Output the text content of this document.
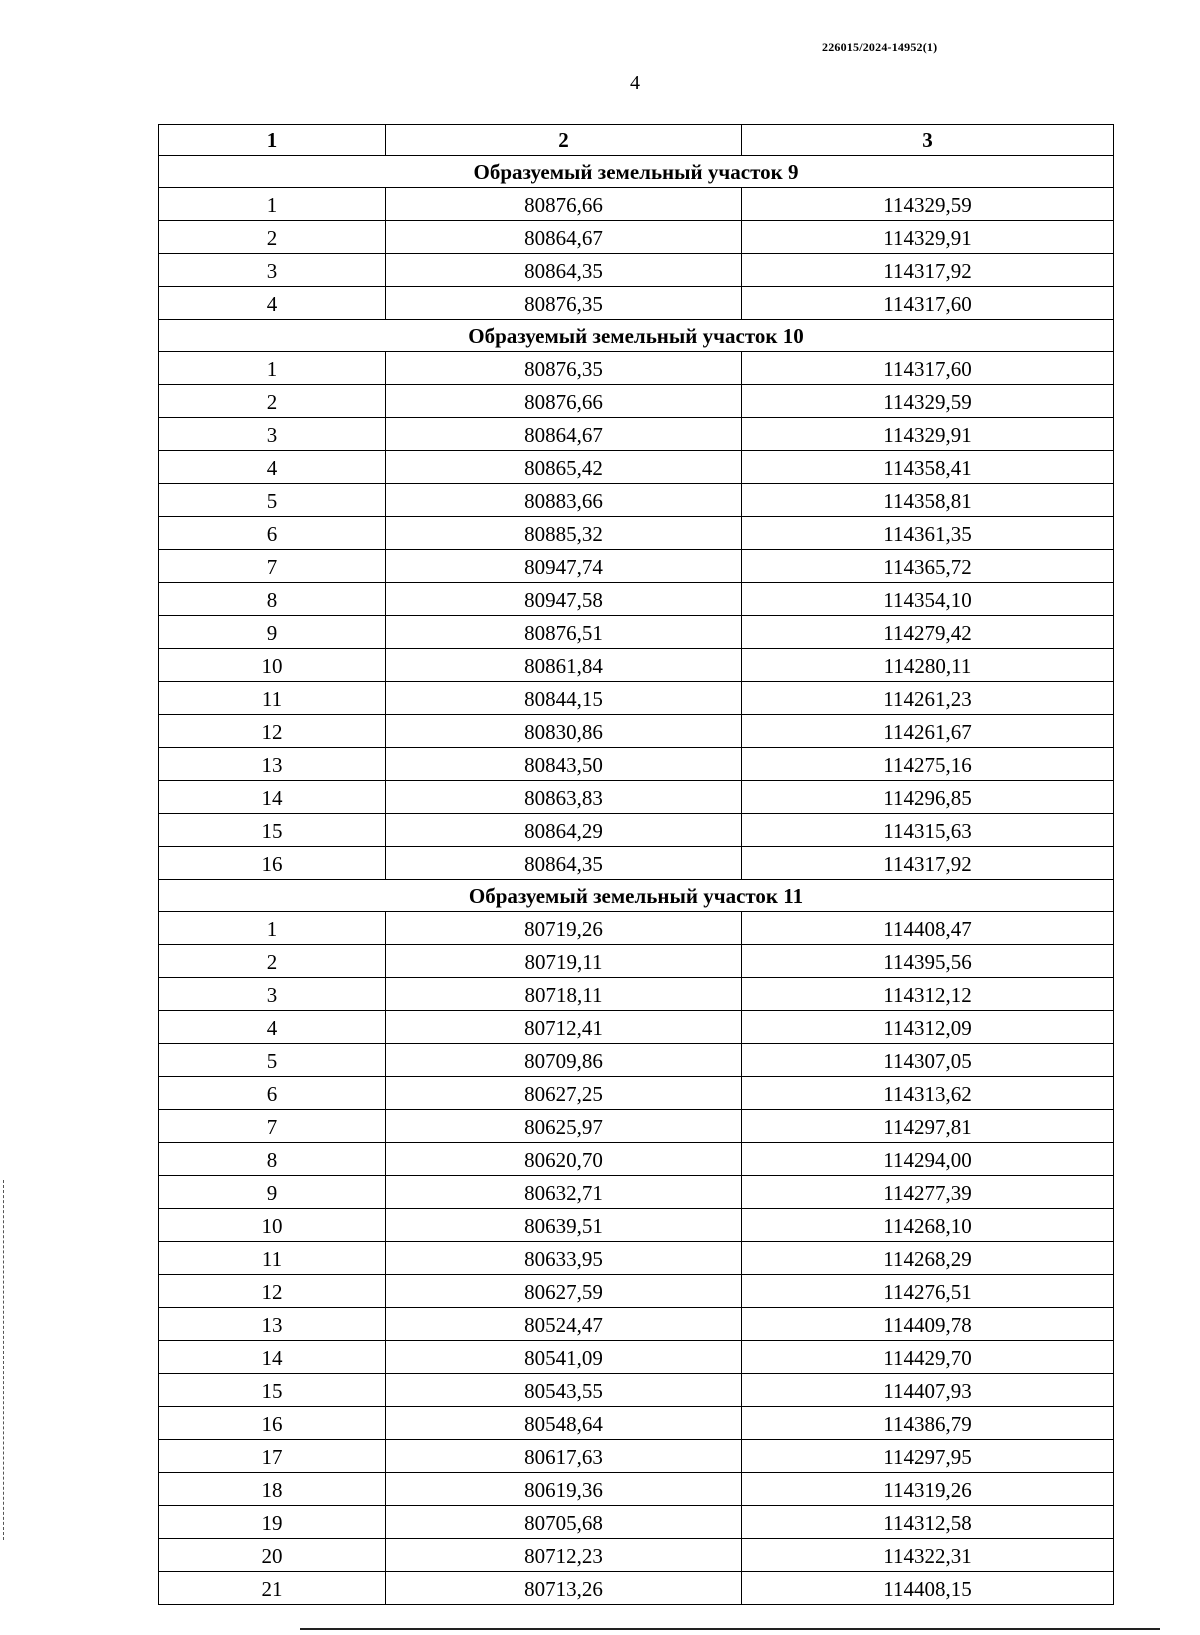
226015/2024-14952(1)
4
1	2	3
Образуемый земельный участок 9		
1	80876,66	114329,59
2	80864,67	114329,91
3	80864,35	114317,92
4	80876,35	114317,60
Образуемый земельный участок 10		
1	80876,35	114317,60
2	80876,66	114329,59
3	80864,67	114329,91
4	80865,42	114358,41
5	80883,66	114358,81
6	80885,32	114361,35
7	80947,74	114365,72
8	80947,58	114354,10
9	80876,51	114279,42
10	80861,84	114280,11
11	80844,15	114261,23
12	80830,86	114261,67
13	80843,50	114275,16
14	80863,83	114296,85
15	80864,29	114315,63
16	80864,35	114317,92
Образуемый земельный участок 11		
1	80719,26	114408,47
2	80719,11	114395,56
3	80718,11	114312,12
4	80712,41	114312,09
5	80709,86	114307,05
6	80627,25	114313,62
7	80625,97	114297,81
8	80620,70	114294,00
9	80632,71	114277,39
10	80639,51	114268,10
11	80633,95	114268,29
12	80627,59	114276,51
13	80524,47	114409,78
14	80541,09	114429,70
15	80543,55	114407,93
16	80548,64	114386,79
17	80617,63	114297,95
18	80619,36	114319,26
19	80705,68	114312,58
20	80712,23	114322,31
21	80713,26	114408,15
